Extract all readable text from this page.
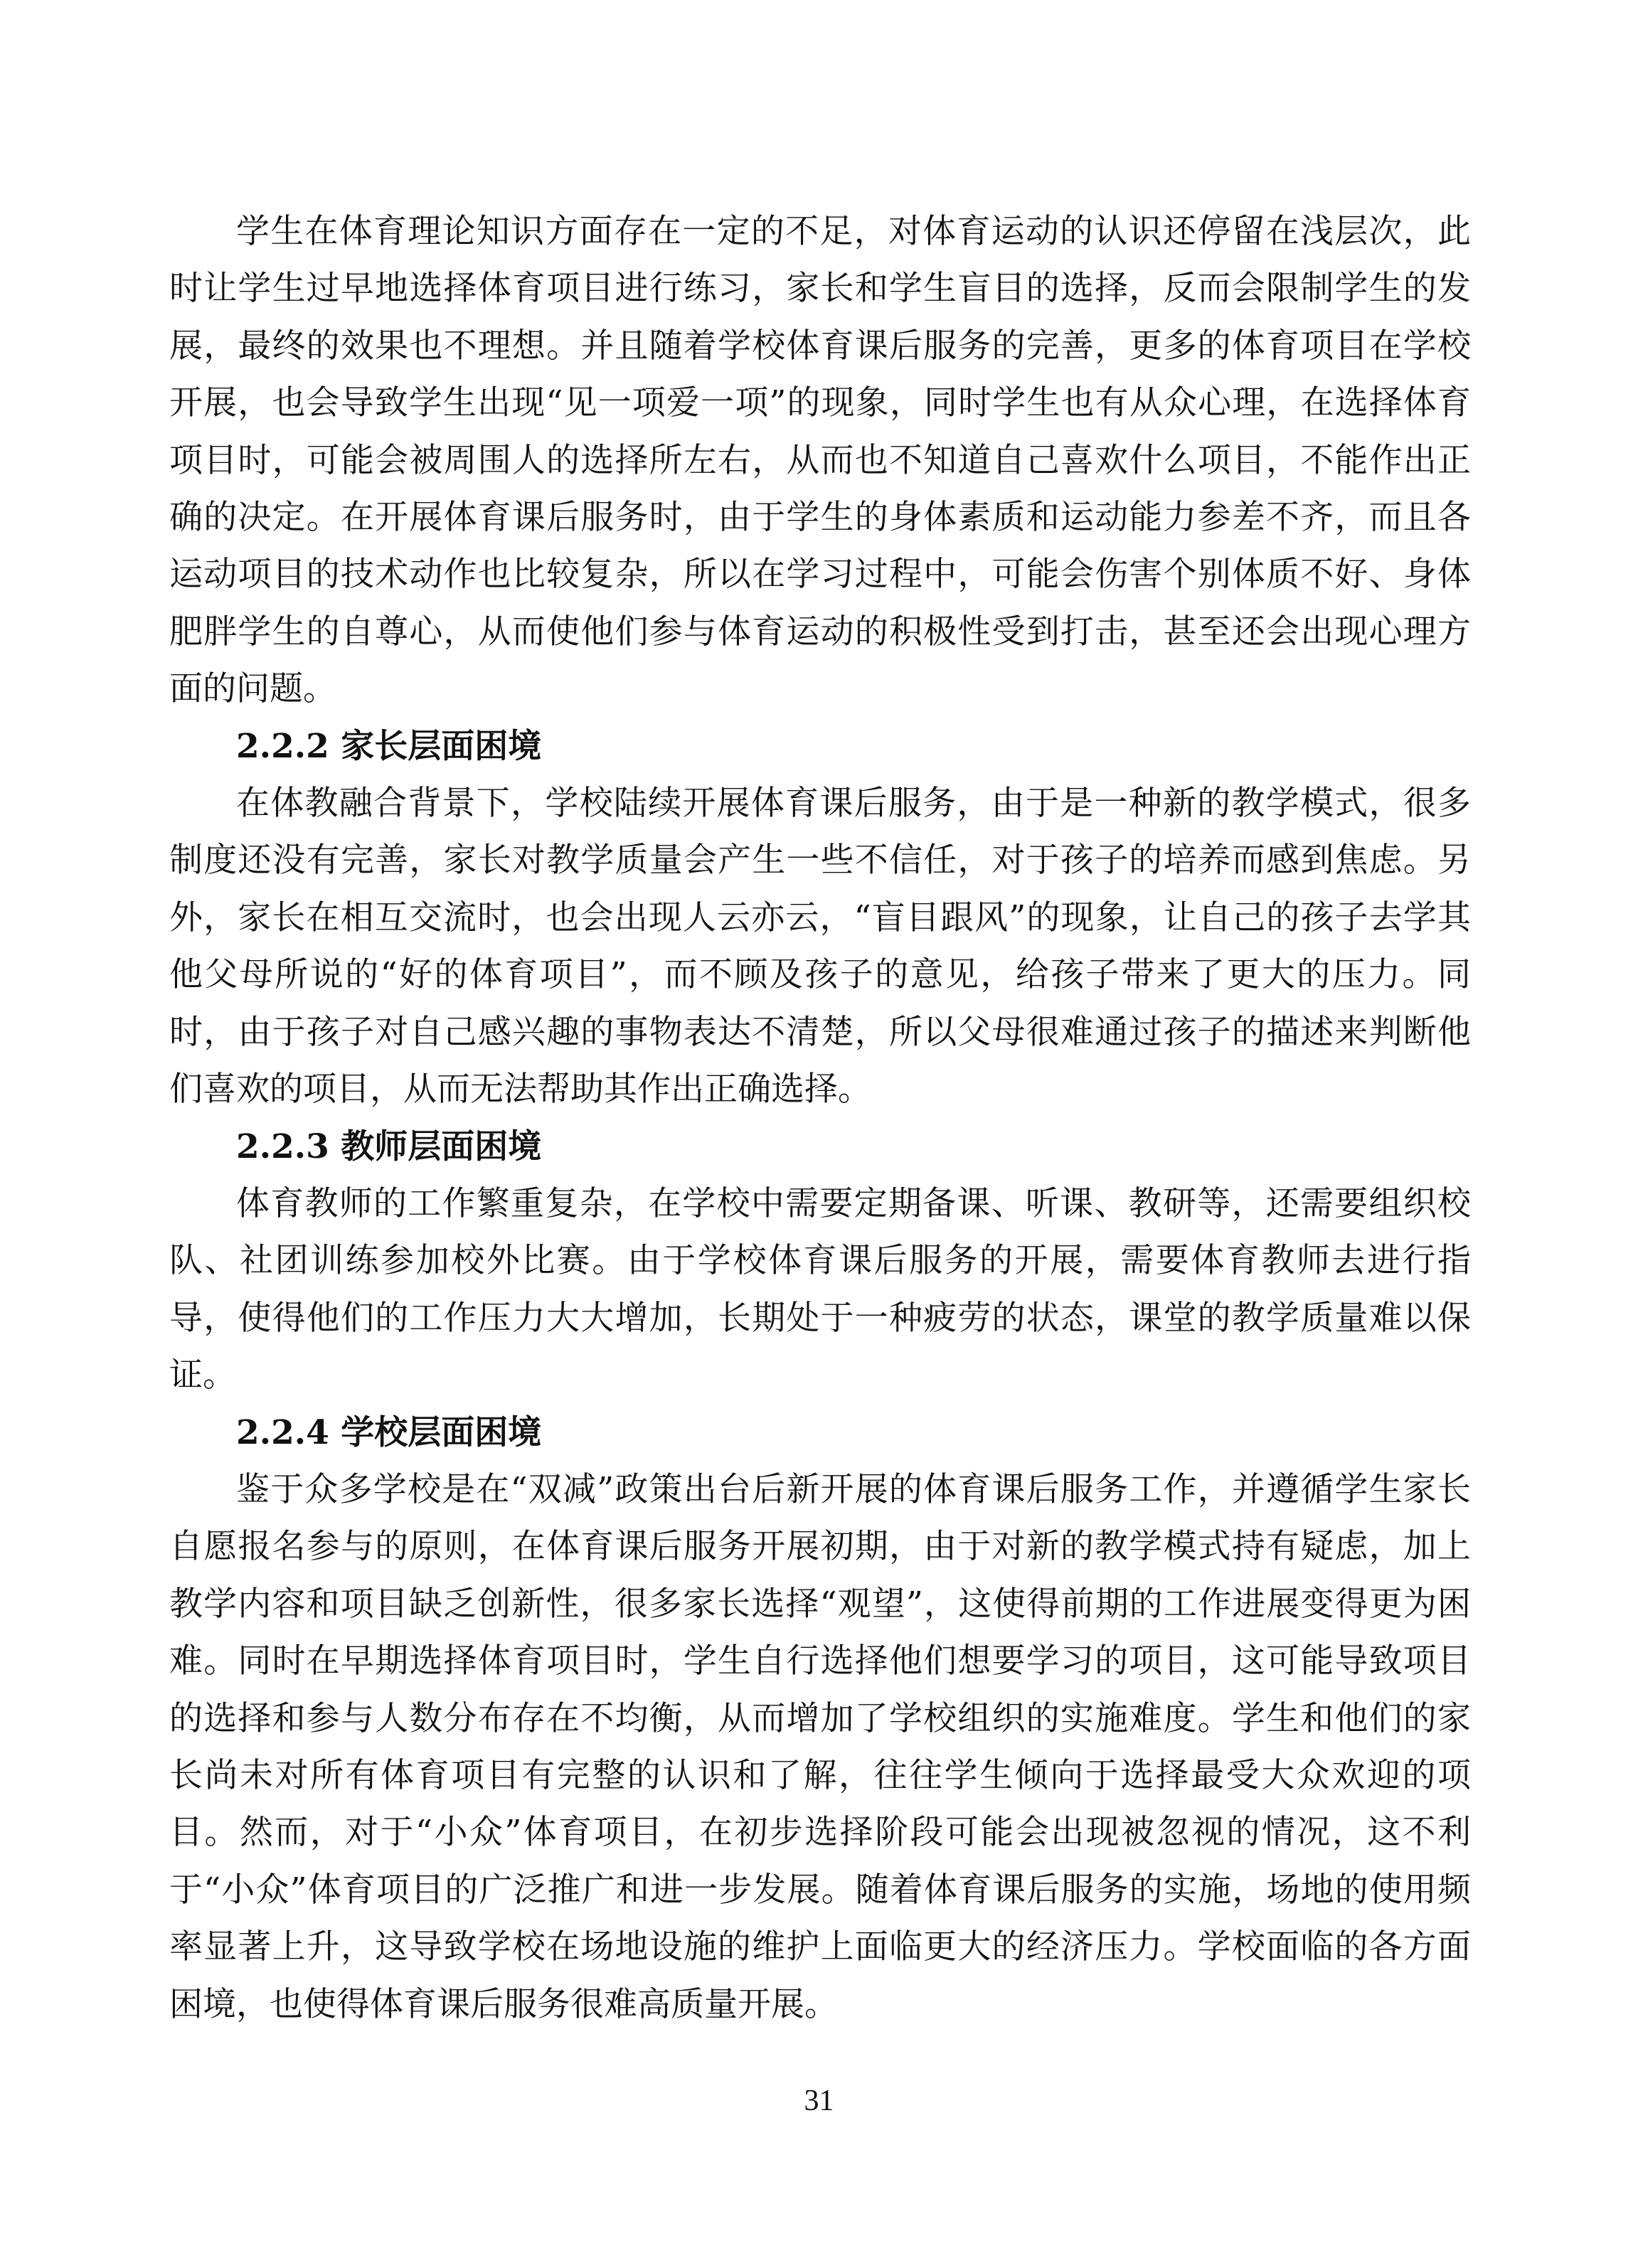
学生在体育理论知识方面存在一定的不足，对体育运动的认识还停留在浅层次，此时让学生过早地选择体育项目进行练习，家长和学生盲目的选择，反而会限制学生的发展，最终的效果也不理想。并且随着学校体育课后服务的完善，更多的体育项目在学校开展，也会导致学生出现“见一项爱一项”的现象，同时学生也有从众心理，在选择体育项目时，可能会被周围人的选择所左右，从而也不知道自己喜欢什么项目，不能作出正确的决定。在开展体育课后服务时，由于学生的身体素质和运动能力参差不齐，而且各运动项目的技术动作也比较复杂，所以在学习过程中，可能会伤害个别体质不好、身体肥胖学生的自尊心，从而使他们参与体育运动的积极性受到打击，甚至还会出现心理方面的问题。

2.2.2 家长层面困境

在体教融合背景下，学校陆续开展体育课后服务，由于是一种新的教学模式，很多制度还没有完善，家长对教学质量会产生一些不信任，对于孩子的培养而感到焦虑。另外，家长在相互交流时，也会出现人云亦云，“盲目跟风”的现象，让自己的孩子去学其他父母所说的“好的体育项目”，而不顾及孩子的意见，给孩子带来了更大的压力。同时，由于孩子对自己感兴趣的事物表达不清楚，所以父母很难通过孩子的描述来判断他们喜欢的项目，从而无法帮助其作出正确选择。

2.2.3 教师层面困境

体育教师的工作繁重复杂，在学校中需要定期备课、听课、教研等，还需要组织校队、社团训练参加校外比赛。由于学校体育课后服务的开展，需要体育教师去进行指导，使得他们的工作压力大大增加，长期处于一种疲劳的状态，课堂的教学质量难以保证。

2.2.4 学校层面困境

鉴于众多学校是在“双减”政策出台后新开展的体育课后服务工作，并遵循学生家长自愿报名参与的原则，在体育课后服务开展初期，由于对新的教学模式持有疑虑，加上教学内容和项目缺乏创新性，很多家长选择“观望”，这使得前期的工作进展变得更为困难。同时在早期选择体育项目时，学生自行选择他们想要学习的项目，这可能导致项目的选择和参与人数分布存在不均衡，从而增加了学校组织的实施难度。学生和他们的家长尚未对所有体育项目有完整的认识和了解，往往学生倾向于选择最受大众欢迎的项目。然而，对于“小众”体育项目，在初步选择阶段可能会出现被忽视的情况，这不利于“小众”体育项目的广泛推广和进一步发展。随着体育课后服务的实施，场地的使用频率显著上升，这导致学校在场地设施的维护上面临更大的经济压力。学校面临的各方面困境，也使得体育课后服务很难高质量开展。

31
